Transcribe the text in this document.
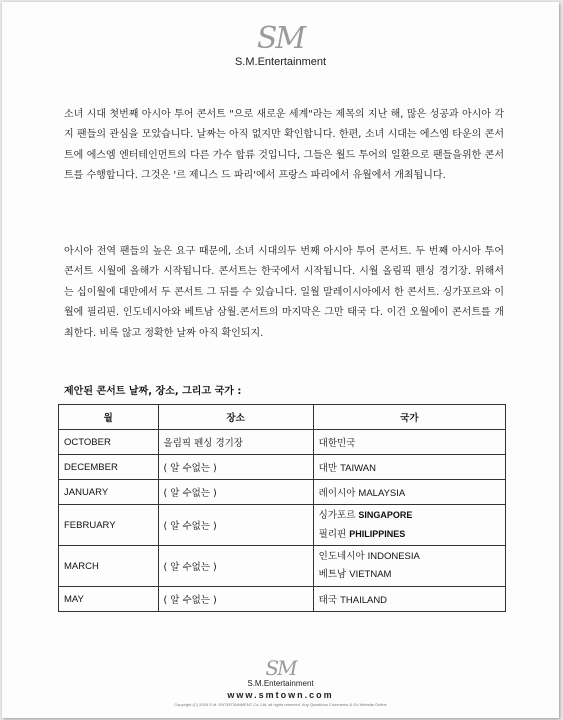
SM
S.M.Entertainment
소녀 시대 첫번째 아시아 투어 콘서트 "으로 새로운 세계"라는 제목의 지난 해, 많은 성공과 아시아 각지 팬들의 관심을 모았습니다. 날짜는 아직 없지만 확인합니다. 한편, 소녀 시대는 에스엠 타운의 콘서트에 에스엠 엔터테인먼트의 다른 가수 합류 것입니다, 그들은 월드 투어의 일환으로 팬들을위한 콘서트를 수행합니다. 그것은 '르 제니스 드 파리'에서 프랑스 파리에서 유월에서 개최됩니다.
아시아 전역 팬들의 높은 요구 때문에, 소녀 시대의두 번째 아시아 투어 콘서트. 두 번째 아시아 투어 콘서트 시월에 올해가 시작됩니다. 콘서트는 한국에서 시작됩니다. 시월 올림픽 펜싱 경기장. 위해서는 십이월에 대만에서 두 콘서트 그 뒤를 수 있습니다. 일월 말레이시아에서 한 콘서트. 싱가포르와 이월에 필리핀. 인도네시아와 베트남 삼월.콘서트의 마지막은 그만 태국 다. 이건 오월에이 콘서트를 개최한다. 비록 않고 정확한 날짜 아직 확인되지.
제안된 콘서트 날짜, 장소, 그리고 국가 :
월	장소	국가
OCTOBER	올림픽 펜싱 경기장	대한민국
DECEMBER	( 알 수없는 )	대만 TAIWAN
JANUARY	( 알 수없는 )	레이시아 MALAYSIA
FEBRUARY	( 알 수없는 )	싱가포르 SINGAPORE
필리핀 PHILIPPINES

MARCH	( 알 수없는 )	인도네시아 INDONESIA
베트남 VIETNAM

MAY	( 알 수없는 )	태국 THAILAND
SM
S.M.Entertainment
www.smtown.com
Copyright (C) 2005 S.M. ENTERTAINMENT Co.,Ltd. all rights reserved. Any Questions Comments & Go Website Online
